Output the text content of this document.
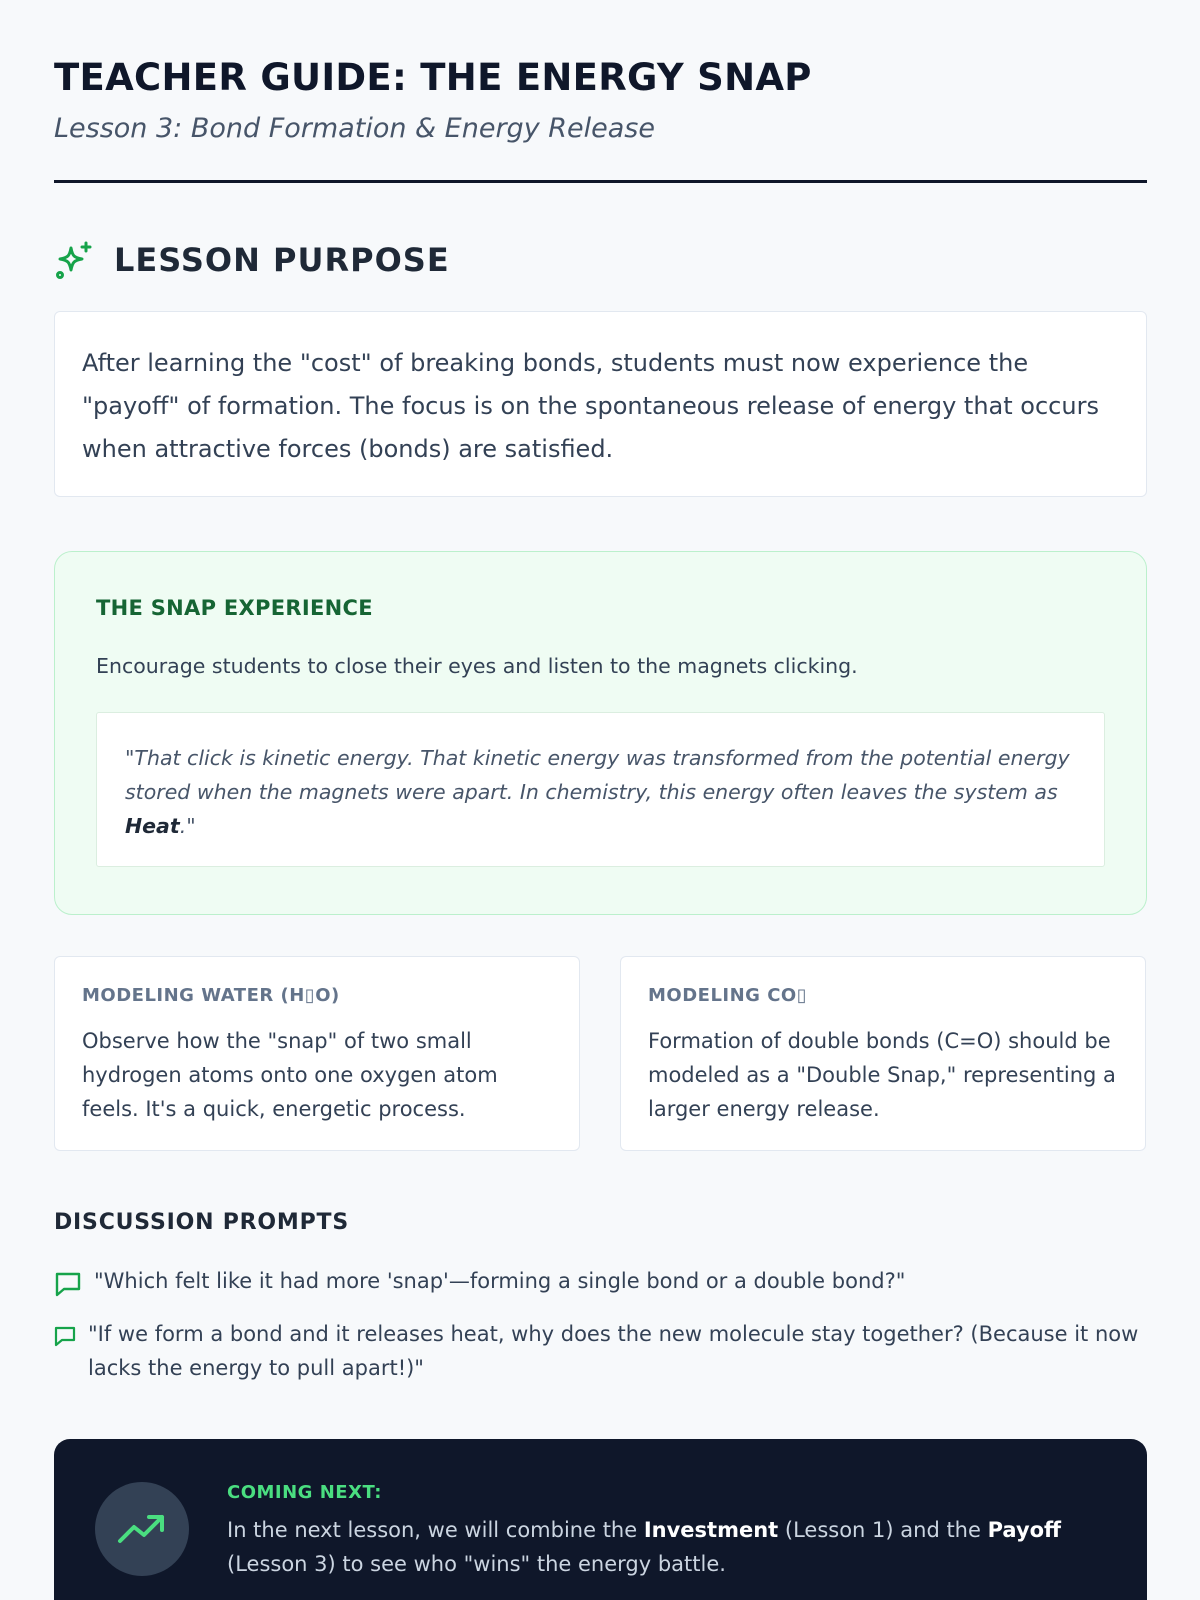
TEACHER GUIDE: THE ENERGY SNAP
Lesson 3: Bond Formation & Energy Release
LESSON PURPOSE

After learning the "cost" of breaking bonds, students must now experience the "payoff" of formation. The focus is on the spontaneous release of energy that occurs when attractive forces (bonds) are satisfied.

THE SNAP EXPERIENCE

Encourage students to close their eyes and listen to the magnets clicking.

"That click is kinetic energy. That kinetic energy was transformed from the potential energy stored when the magnets were apart. In chemistry, this energy often leaves the system as Heat."

MODELING WATER (H▯O)

Observe how the "snap" of two small hydrogen atoms onto one oxygen atom feels. It's a quick, energetic process.

MODELING CO▯

Formation of double bonds (C=O) should be modeled as a "Double Snap," representing a larger energy release.

DISCUSSION PROMPTS
"Which felt like it had more 'snap'—forming a single bond or a double bond?"
"If we form a bond and it releases heat, why does the new molecule stay together? (Because it now lacks the energy to pull apart!)"
COMING NEXT:

In the next lesson, we will combine the Investment (Lesson 1) and the Payoff (Lesson 3) to see who "wins" the energy battle.
